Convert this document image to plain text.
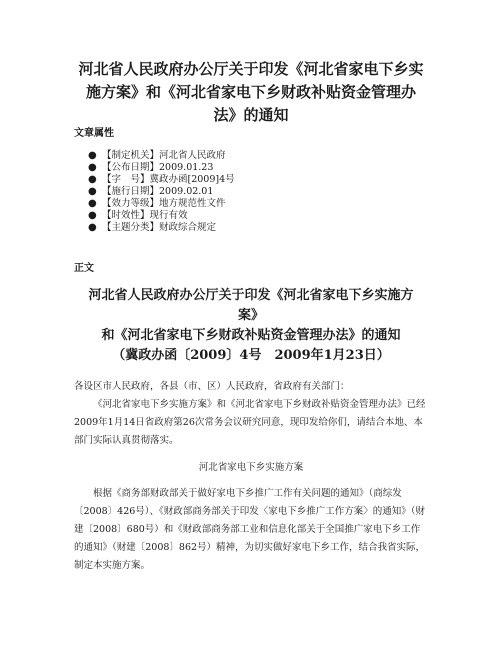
河北省人民政府办公厅关于印发《河北省家电下乡实
施方案》和《河北省家电下乡财政补贴资金管理办
法》的通知
文章属性
● 【制定机关】河北省人民政府
● 【公布日期】2009.01.23
● 【字　号】冀政办函[2009]4号
● 【施行日期】2009.02.01
● 【效力等级】地方规范性文件
● 【时效性】现行有效
● 【主题分类】财政综合规定
正文
河北省人民政府办公厅关于印发《河北省家电下乡实施方
案》
和《河北省家电下乡财政补贴资金管理办法》的通知
（冀政办函〔2009〕4号　2009年1月23日）

各设区市人民政府，各县（市、区）人民政府，省政府有关部门：

《河北省家电下乡实施方案》和《河北省家电下乡财政补贴资金管理办法》已经2009年1月14日省政府第26次常务会议研究同意，现印发给你们，请结合本地、本部门实际认真贯彻落实。

河北省家电下乡实施方案

根据《商务部财政部关于做好家电下乡推广工作有关问题的通知》（商综发〔2008〕426号）、《财政部商务部关于印发〈家电下乡推广工作方案〉的通知》（财建〔2008〕680号）和《财政部商务部工业和信息化部关于全国推广家电下乡工作的通知》（财建〔2008〕862号）精神，为切实做好家电下乡工作，结合我省实际，制定本实施方案。
